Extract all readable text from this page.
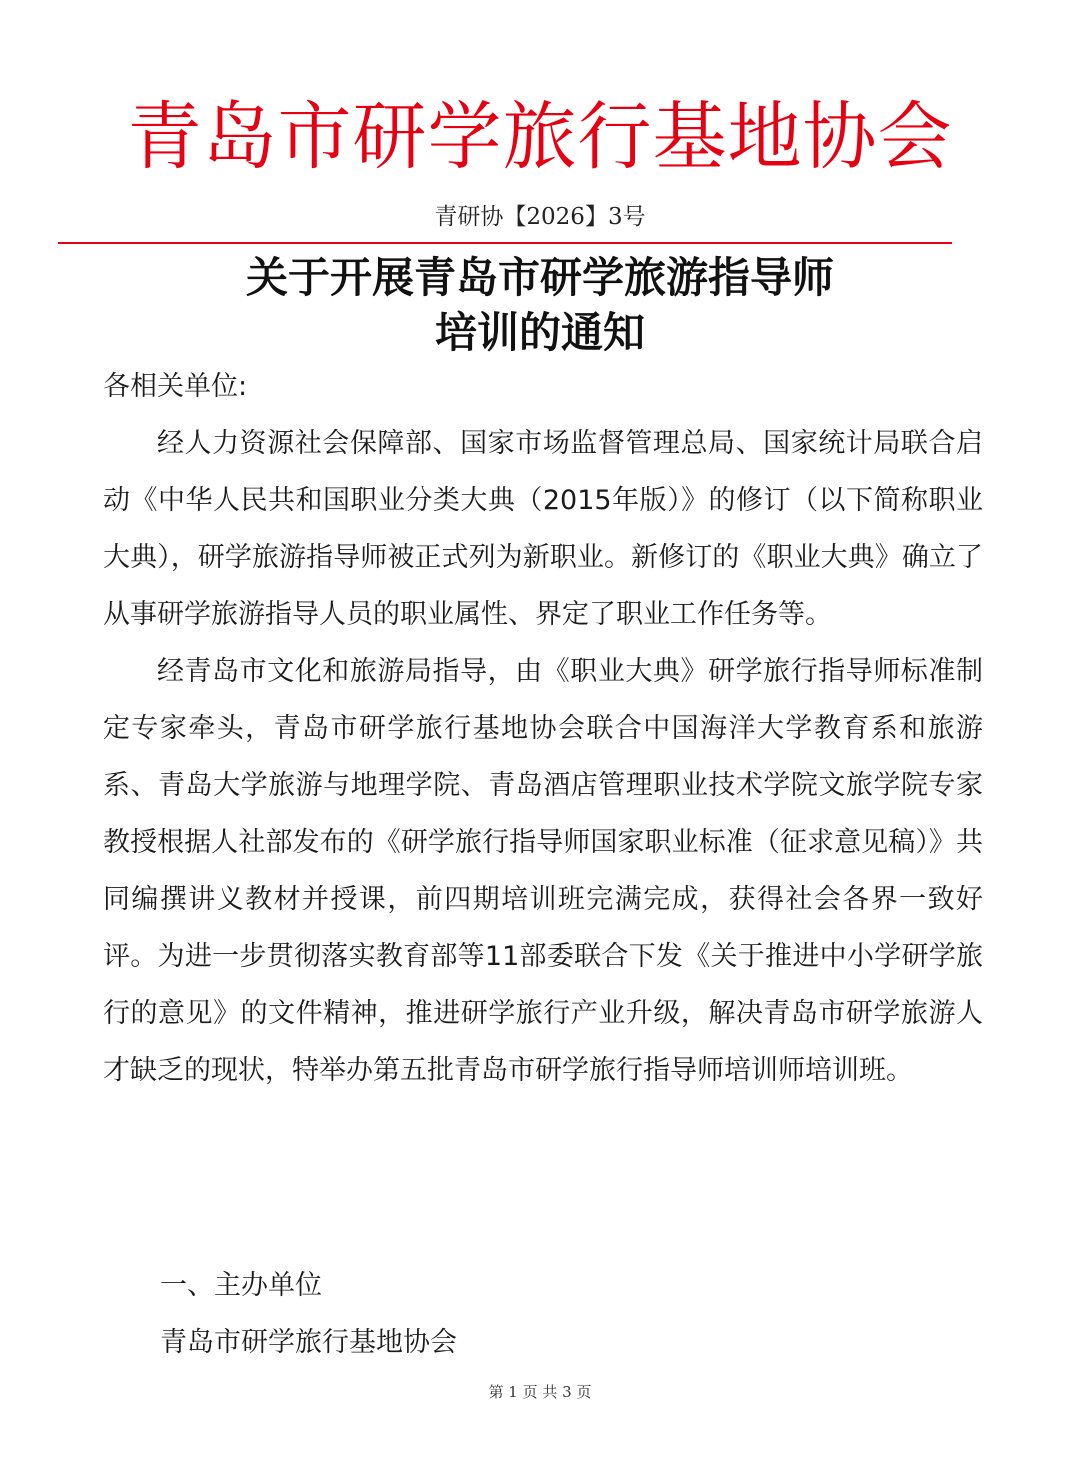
青岛市研学旅行基地协会
青研协【2026】3号
关于开展青岛市研学旅游指导师
培训的通知

各相关单位:

经人力资源社会保障部、国家市场监督管理总局、国家统计局联合启动《中华人民共和国职业分类大典（2015年版）》的修订（以下简称职业大典），研学旅游指导师被正式列为新职业。新修订的《职业大典》确立了从事研学旅游指导人员的职业属性、界定了职业工作任务等。

经青岛市文化和旅游局指导，由《职业大典》研学旅行指导师标准制定专家牵头，青岛市研学旅行基地协会联合中国海洋大学教育系和旅游系、青岛大学旅游与地理学院、青岛酒店管理职业技术学院文旅学院专家教授根据人社部发布的《研学旅行指导师国家职业标准（征求意见稿）》共同编撰讲义教材并授课，前四期培训班完满完成，获得社会各界一致好评。为进一步贯彻落实教育部等11部委联合下发《关于推进中小学研学旅行的意见》的文件精神，推进研学旅行产业升级，解决青岛市研学旅游人才缺乏的现状，特举办第五批青岛市研学旅行指导师培训师培训班。

一、主办单位
青岛市研学旅行基地协会
第 1 页 共 3 页
